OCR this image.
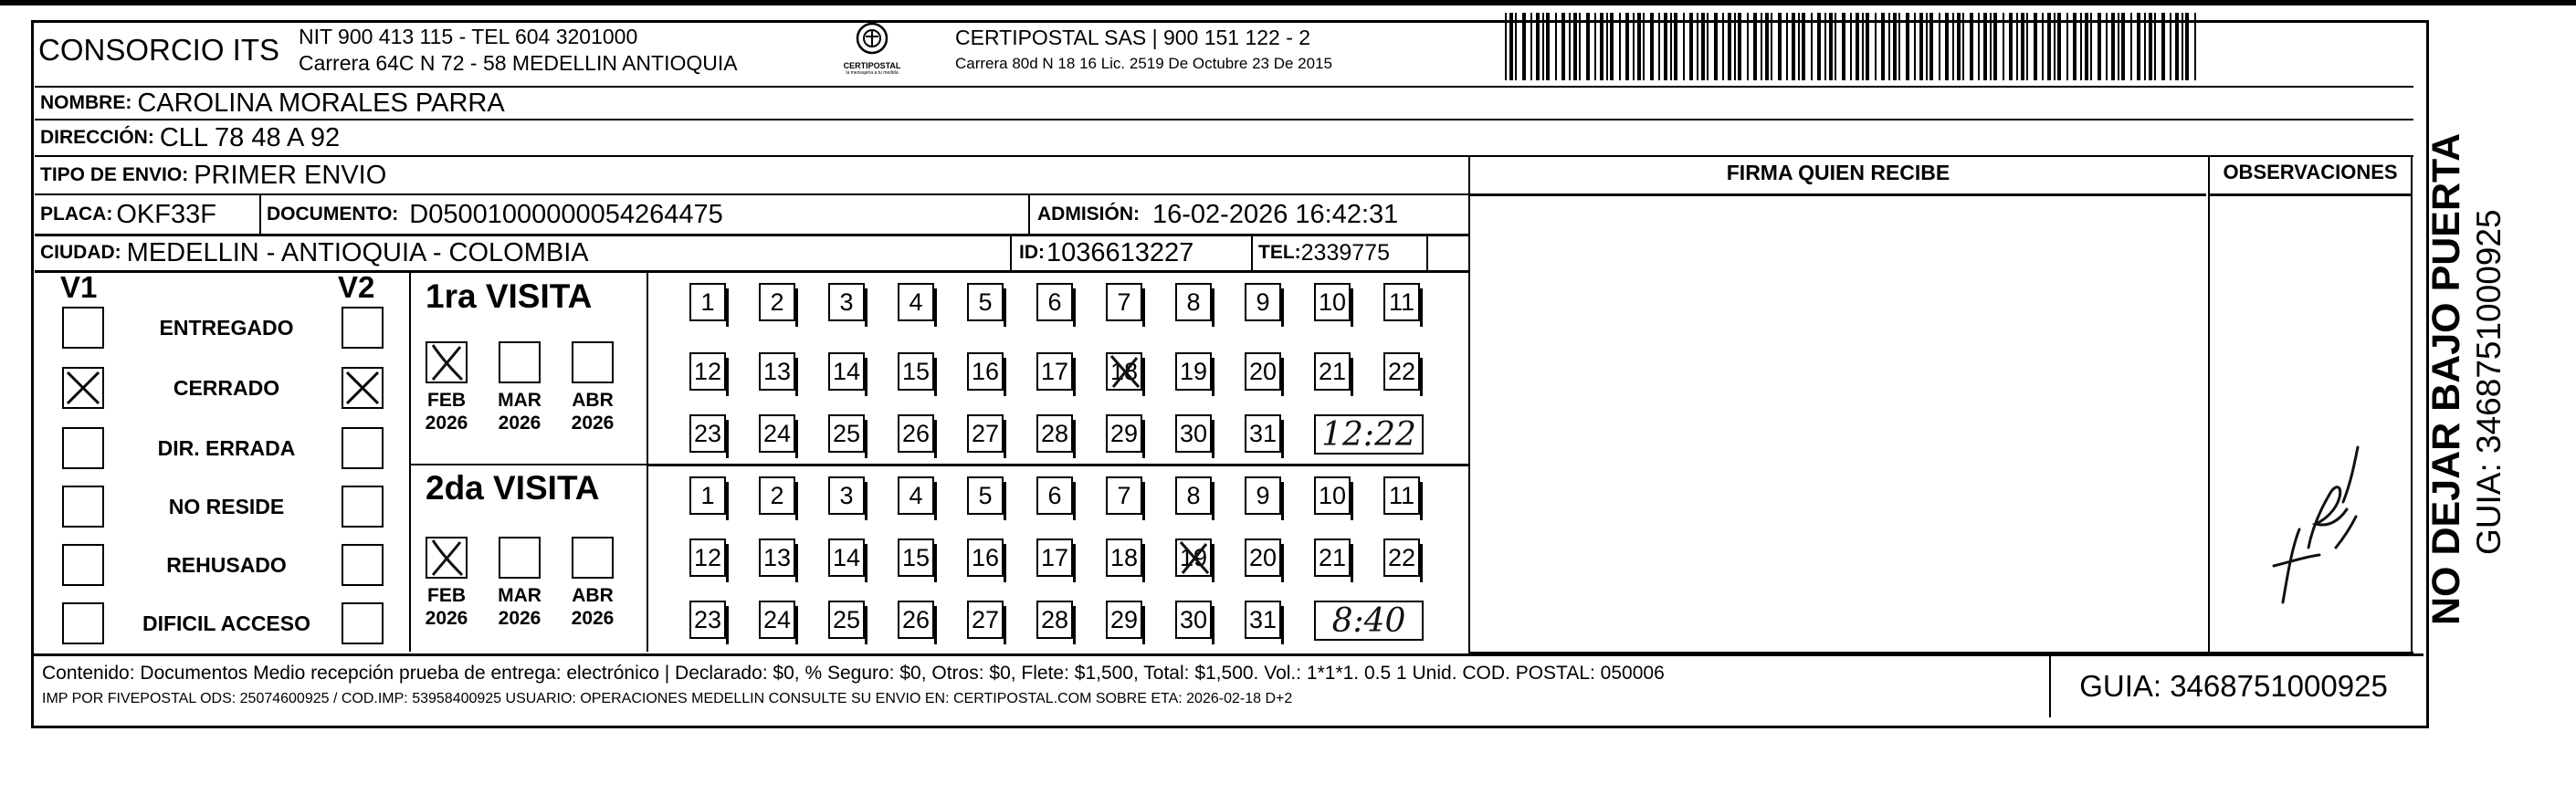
CONSORCIO ITS NIT 900 413 115 - TEL 604 3201000
Carrera 64C N 72 - 58 MEDELLIN ANTIOQUIA	CERTIPOSTAL
la mensajeria a tu medida
CERTIPOSTAL SAS | 900 151 122 - 2
Carrera 80d N 18 16 Lic. 2519 De Octubre 23 De 2015
NOMBRE: CAROLINA MORALES PARRA
DIRECCIÓN: CLL 78 48 A 92
TIPO DE ENVIO: PRIMER ENVIO
PLACA: OKF33F	DOCUMENTO: D05001000000054264475	ADMISIÓN: 16-02-2026 16:42:31
CIUDAD: MEDELLIN - ANTIOQUIA - COLOMBIA	ID: 1036613227	TEL: 2339775
FIRMA QUIEN RECIBE	OBSERVACIONES
V1	V2
ENTREGADO
CERRADO
DIR. ERRADA
NO RESIDE
REHUSADO
DIFICIL ACCESO
1ra VISITA
2da VISITA
FEB
2026
MAR
2026
ABR
2026
1	2	3	4	5	6	7	8	9	10 11
12 13 14 15 16 17 18 19 20 21 22
23 24 25 26 27 28 29 30 31 12:22
FEB
2026
MAR
2026
ABR
2026
1	2	3	4	5	6	7	8	9	10 11
12 13 14 15 16 17 18 19 20 21 22
23 24 25 26 27 28 29 30 31	8:40
Contenido: Documentos Medio recepción prueba de entrega: electrónico | Declarado: $0, % Seguro: $0, Otros: $0, Flete: $1,500, Total: $1,500. Vol.: 1*1*1. 0.5 1 Unid. COD. POSTAL: 050006
IMP POR FIVEPOSTAL ODS: 25074600925 / COD.IMP: 53958400925 USUARIO: OPERACIONES MEDELLIN CONSULTE SU ENVIO EN: CERTIPOSTAL.COM SOBRE ETA: 2026-02-18 D+2	GUIA: 3468751000925
NO DEJAR BAJO PUERTA GUIA: 3468751000925
